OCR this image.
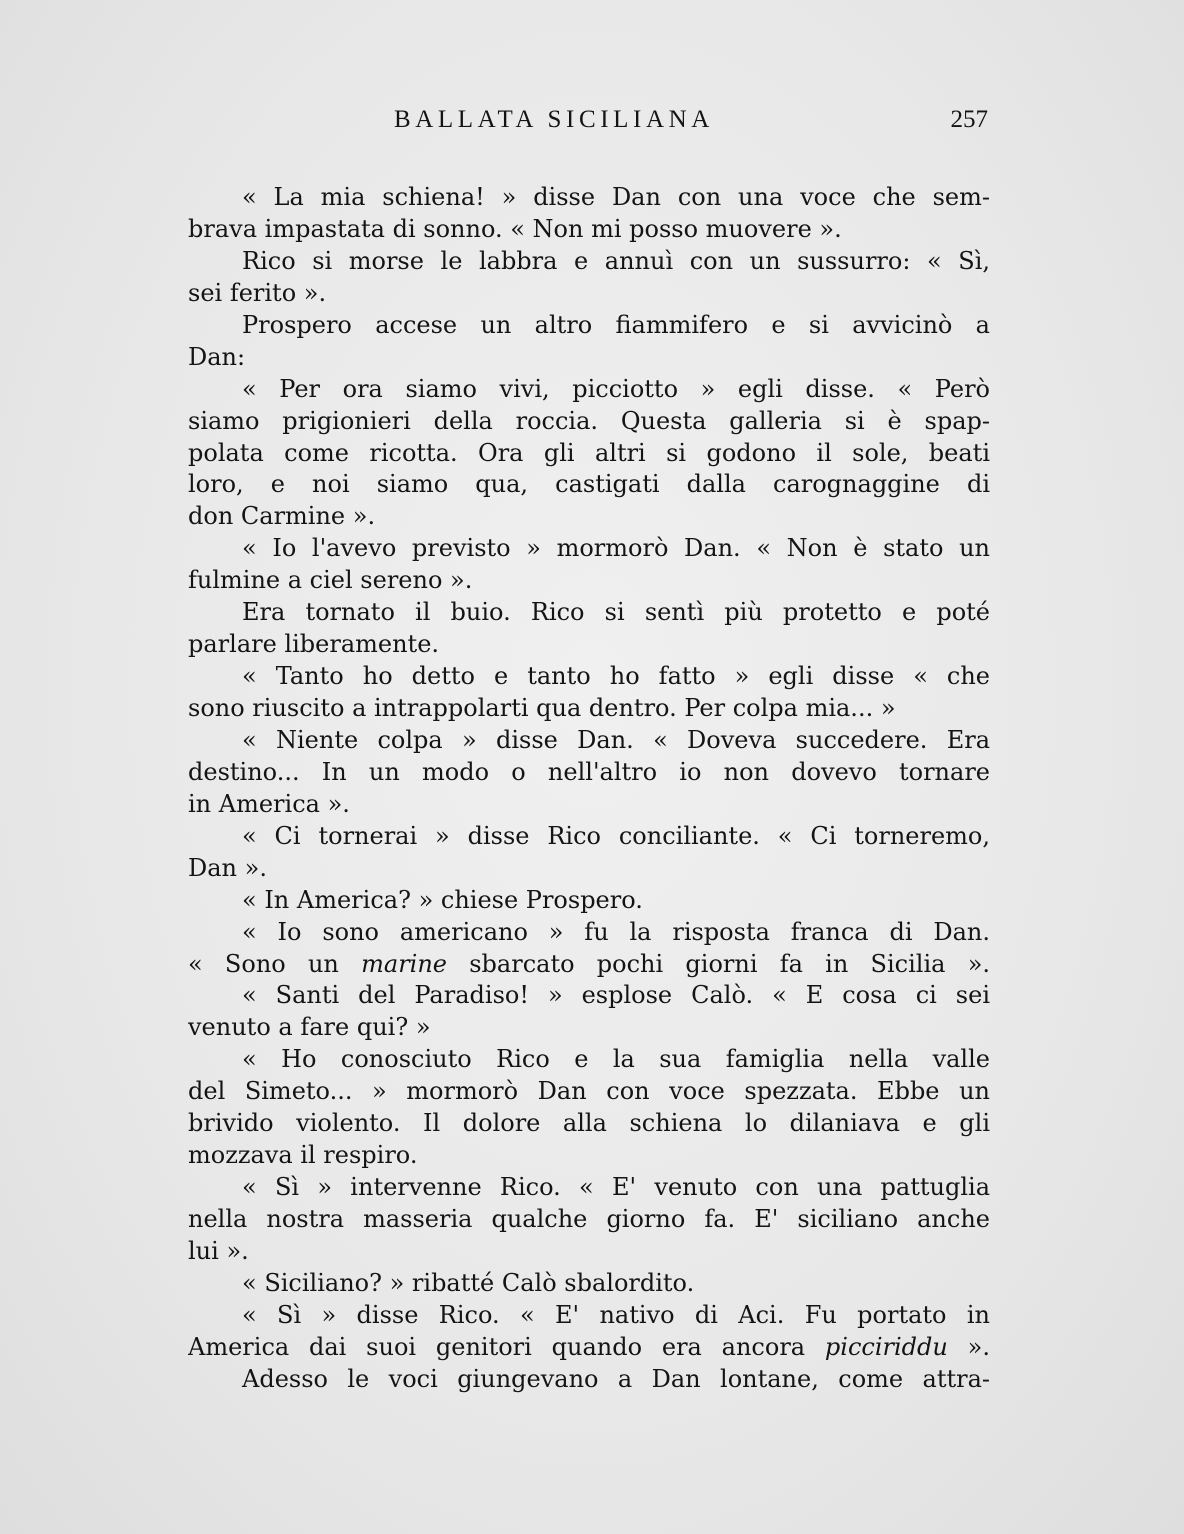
BALLATA SICILIANA	257
« La mia schiena! » disse Dan con una voce che sem-
brava impastata di sonno. « Non mi posso muovere ».
Rico si morse le labbra e annuì con un sussurro: « Sì,
sei ferito ».
Prospero accese un altro fiammifero e si avvicinò a
Dan:
« Per ora siamo vivi, picciotto » egli disse. « Però
siamo prigionieri della roccia. Questa galleria si è spap-
polata come ricotta. Ora gli altri si godono il sole, beati
loro, e noi siamo qua, castigati dalla carognaggine di
don Carmine ».
« Io l'avevo previsto » mormorò Dan. « Non è stato un
fulmine a ciel sereno ».
Era tornato il buio. Rico si sentì più protetto e poté
parlare liberamente.
« Tanto ho detto e tanto ho fatto » egli disse « che
sono riuscito a intrappolarti qua dentro. Per colpa mia... »
« Niente colpa » disse Dan. « Doveva succedere. Era
destino... In un modo o nell'altro io non dovevo tornare
in America ».
« Ci tornerai » disse Rico conciliante. « Ci torneremo,
Dan ».
« In America? » chiese Prospero.
« Io sono americano » fu la risposta franca di Dan.
« Sono un marine sbarcato pochi giorni fa in Sicilia ».
« Santi del Paradiso! » esplose Calò. « E cosa ci sei
venuto a fare qui? »
« Ho conosciuto Rico e la sua famiglia nella valle
del Simeto... » mormorò Dan con voce spezzata. Ebbe un
brivido violento. Il dolore alla schiena lo dilaniava e gli
mozzava il respiro.
« Sì » intervenne Rico. « E' venuto con una pattuglia
nella nostra masseria qualche giorno fa. E' siciliano anche
lui ».
« Siciliano? » ribatté Calò sbalordito.
« Sì » disse Rico. « E' nativo di Aci. Fu portato in
America dai suoi genitori quando era ancora picciriddu ».
Adesso le voci giungevano a Dan lontane, come attra-
